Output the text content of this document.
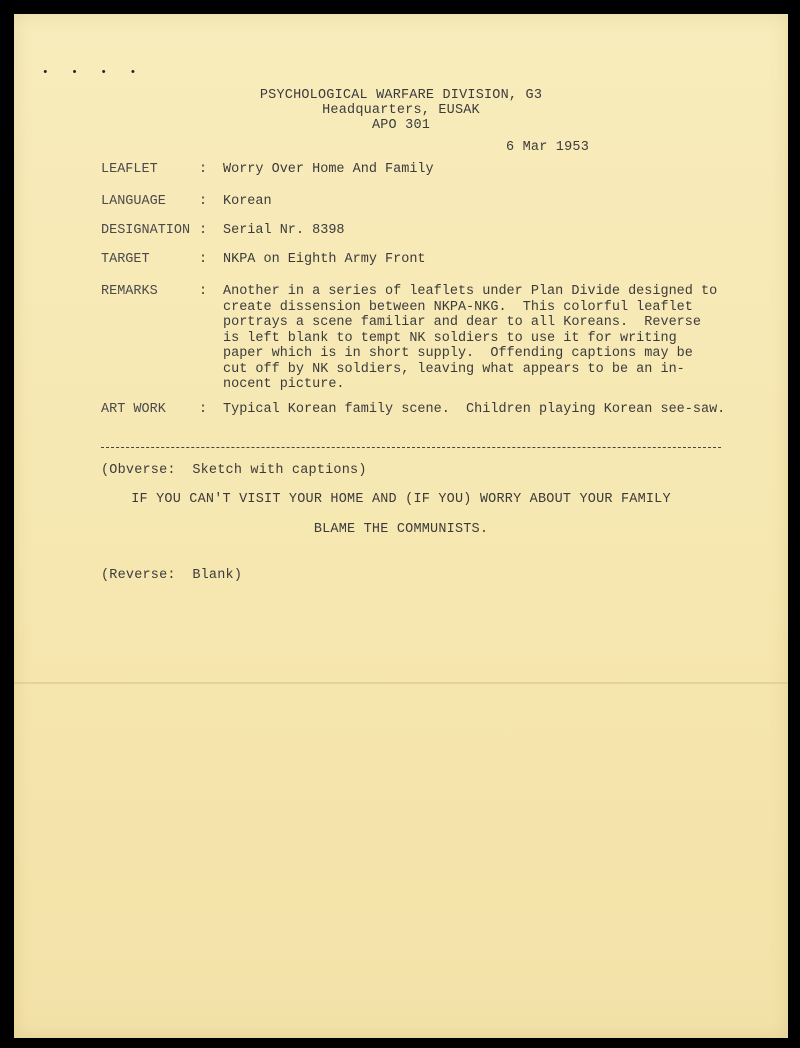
• • • •
PSYCHOLOGICAL WARFARE DIVISION, G3
Headquarters, EUSAK
APO 301
6 Mar 1953
LEAFLET	: Worry Over Home And Family
LANGUAGE : Korean
DESIGNATION : Serial Nr. 8398
TARGET	: NKPA on Eighth Army Front
REMARKS	: Another in a series of leaflets under Plan Divide designed to
create dissension between NKPA-NKG.  This colorful leaflet
portrays a scene familiar and dear to all Koreans.  Reverse
is left blank to tempt NK soldiers to use it for writing
paper which is in short supply.  Offending captions may be
cut off by NK soldiers, leaving what appears to be an in-
nocent picture.
ART WORK : Typical Korean family scene.  Children playing Korean see-saw.
(Obverse:  Sketch with captions)
IF YOU CAN'T VISIT YOUR HOME AND (IF YOU) WORRY ABOUT YOUR FAMILY
BLAME THE COMMUNISTS.
(Reverse:  Blank)
